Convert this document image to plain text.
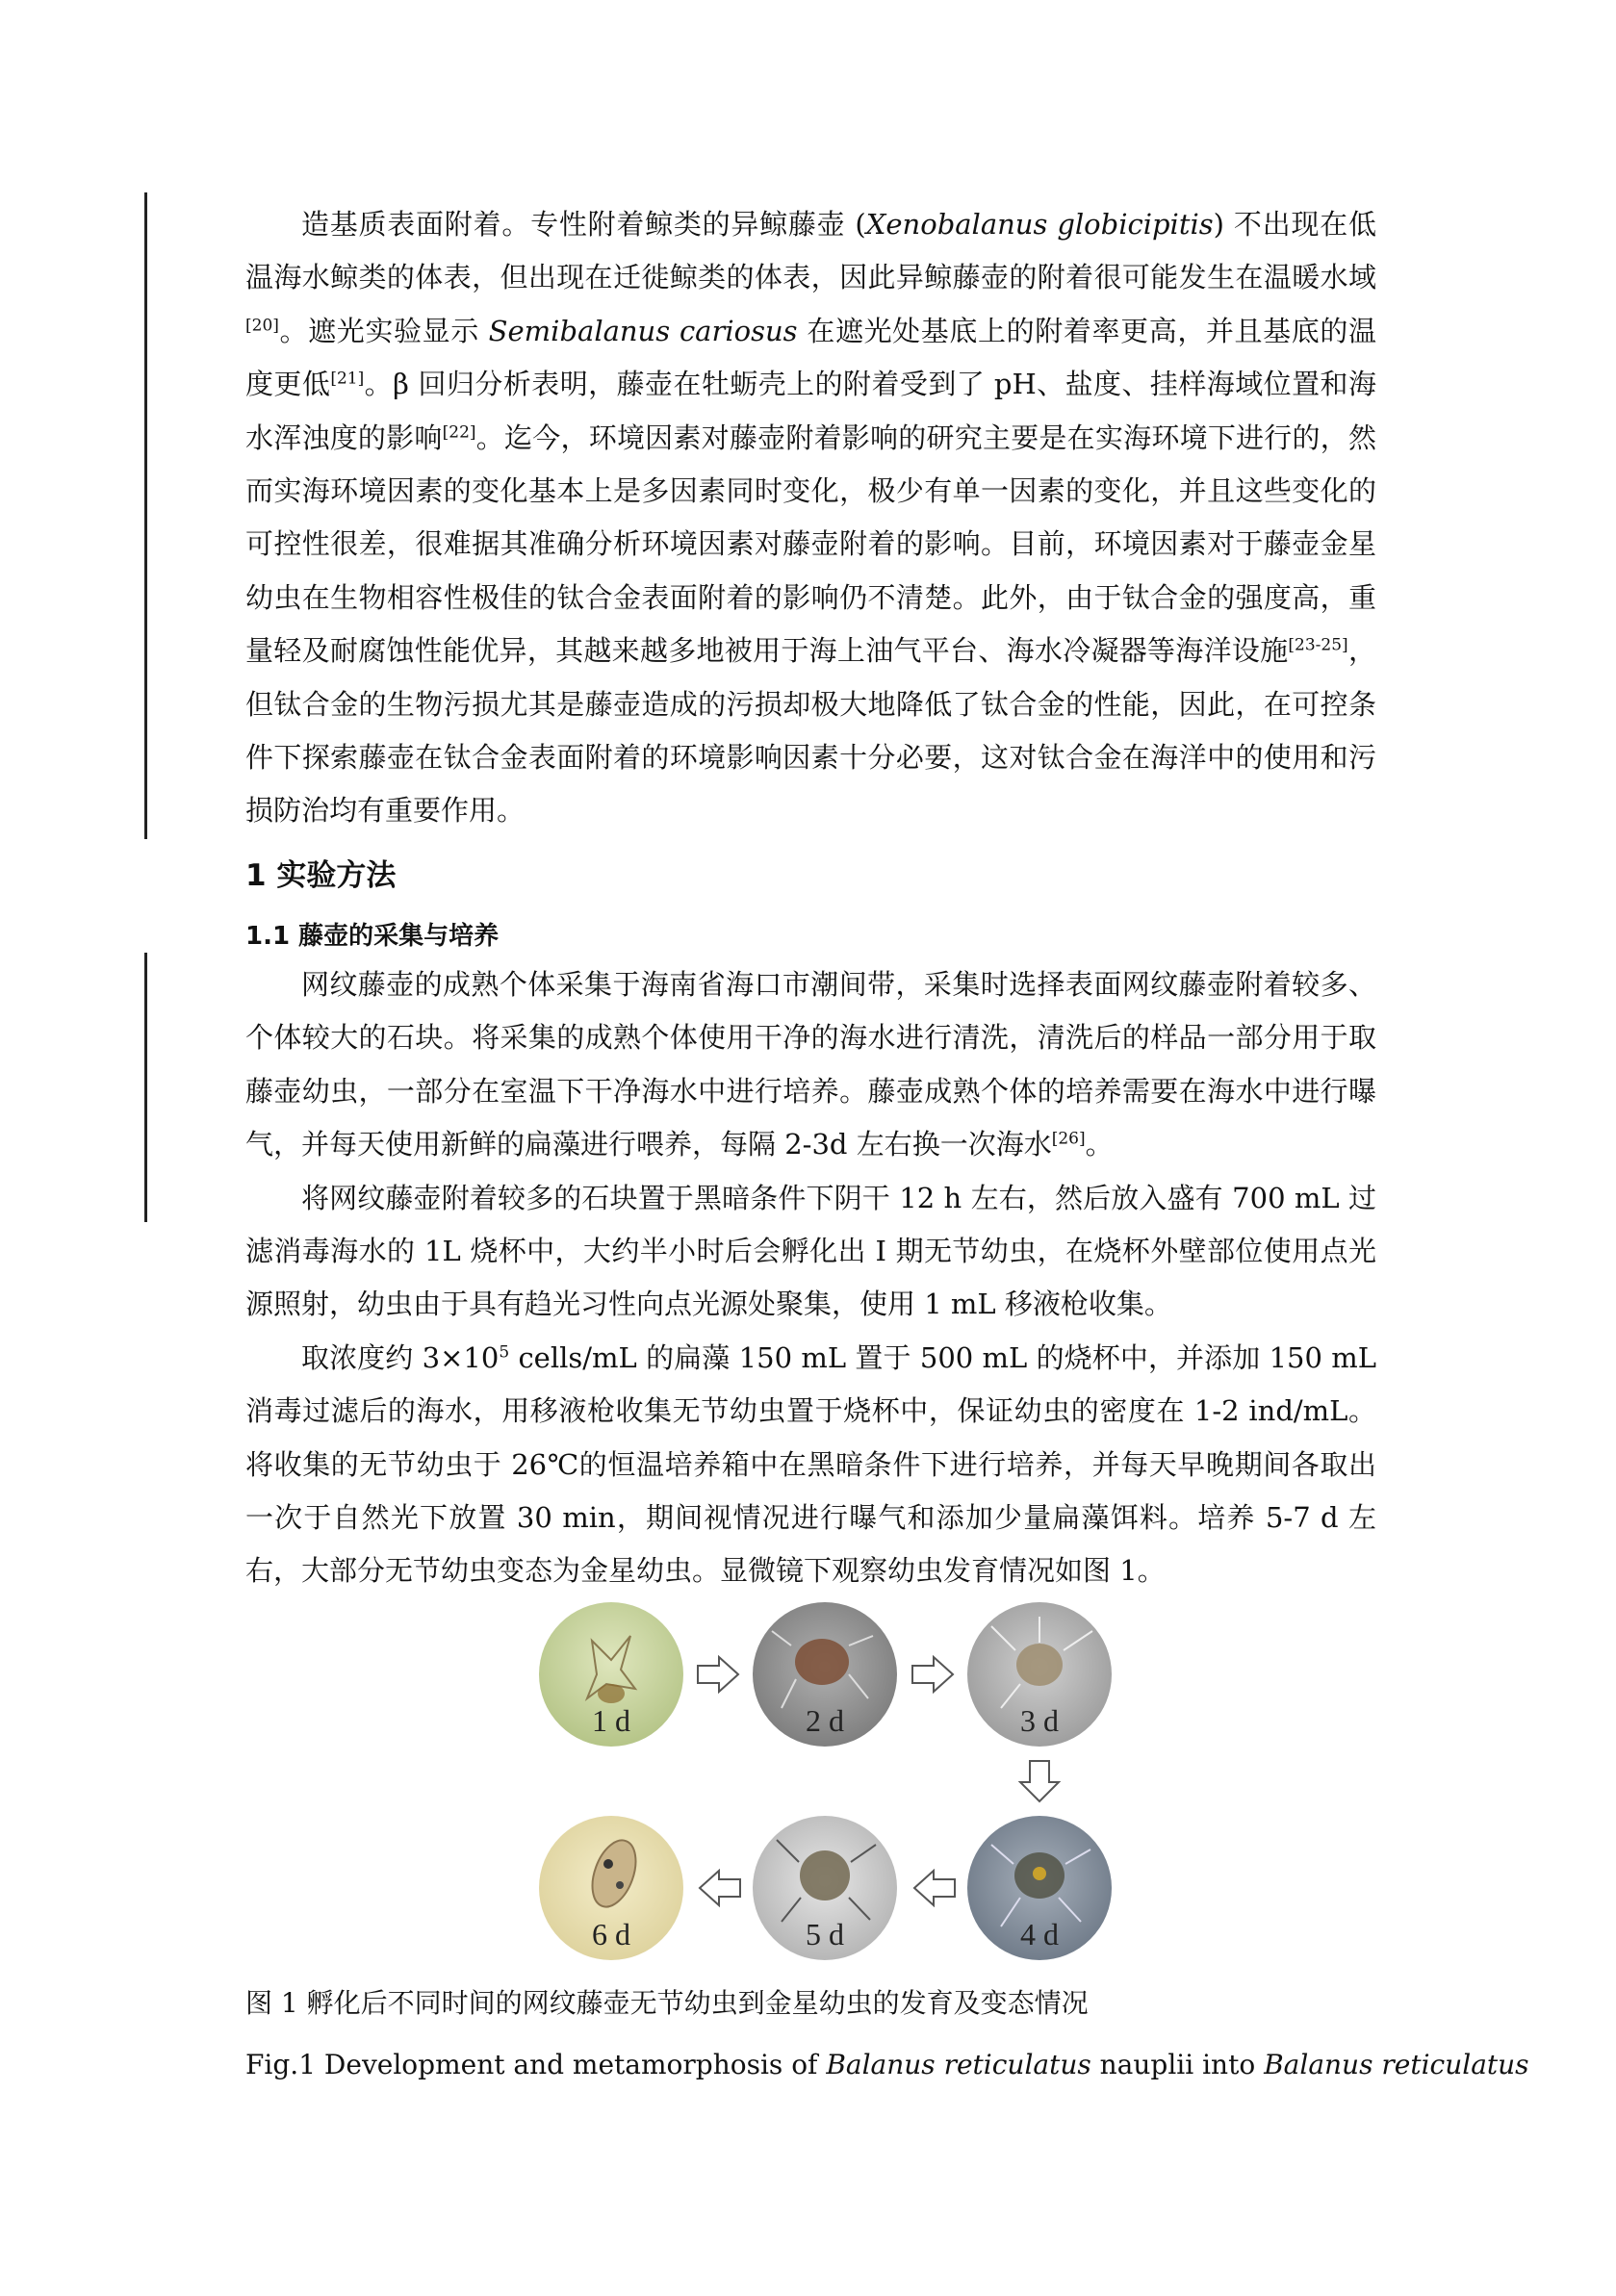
造基质表面附着。专性附着鲸类的异鲸藤壶 (Xenobalanus globicipitis) 不出现在低温海水鲸类的体表，但出现在迁徙鲸类的体表，因此异鲸藤壶的附着很可能发生在温暖水域[20]。遮光实验显示 Semibalanus cariosus 在遮光处基底上的附着率更高，并且基底的温度更低[21]。β 回归分析表明，藤壶在牡蛎壳上的附着受到了 pH、盐度、挂样海域位置和海水浑浊度的影响[22]。迄今，环境因素对藤壶附着影响的研究主要是在实海环境下进行的，然而实海环境因素的变化基本上是多因素同时变化，极少有单一因素的变化，并且这些变化的可控性很差，很难据其准确分析环境因素对藤壶附着的影响。目前，环境因素对于藤壶金星幼虫在生物相容性极佳的钛合金表面附着的影响仍不清楚。此外，由于钛合金的强度高，重量轻及耐腐蚀性能优异，其越来越多地被用于海上油气平台、海水冷凝器等海洋设施[23-25]，但钛合金的生物污损尤其是藤壶造成的污损却极大地降低了钛合金的性能，因此，在可控条件下探索藤壶在钛合金表面附着的环境影响因素十分必要，这对钛合金在海洋中的使用和污损防治均有重要作用。

1 实验方法
1.1 藤壶的采集与培养

网纹藤壶的成熟个体采集于海南省海口市潮间带，采集时选择表面网纹藤壶附着较多、个体较大的石块。将采集的成熟个体使用干净的海水进行清洗，清洗后的样品一部分用于取藤壶幼虫，一部分在室温下干净海水中进行培养。藤壶成熟个体的培养需要在海水中进行曝气，并每天使用新鲜的扁藻进行喂养，每隔 2-3d 左右换一次海水[26]。

将网纹藤壶附着较多的石块置于黑暗条件下阴干 12 h 左右，然后放入盛有 700 mL 过滤消毒海水的 1L 烧杯中，大约半小时后会孵化出 I 期无节幼虫，在烧杯外壁部位使用点光源照射，幼虫由于具有趋光习性向点光源处聚集，使用 1 mL 移液枪收集。

取浓度约 $3\times 10^5$ cells/mL 的扁藻 150 mL 置于 500 mL 的烧杯中，并添加 150 mL 消毒过滤后的海水，用移液枪收集无节幼虫置于烧杯中，保证幼虫的密度在 1-2 ind/mL。将收集的无节幼虫于 26℃的恒温培养箱中在黑暗条件下进行培养，并每天早晚期间各取出一次于自然光下放置 30 min，期间视情况进行曝气和添加少量扁藻饵料。培养 5-7 d 左右，大部分无节幼虫变态为金星幼虫。显微镜下观察幼虫发育情况如图 1。

1 d	2 d	3 d
4 d
5 d
6 d

图 1 孵化后不同时间的网纹藤壶无节幼虫到金星幼虫的发育及变态情况

Fig.1 Development and metamorphosis of Balanus reticulatus nauplii into Balanus reticulatus
